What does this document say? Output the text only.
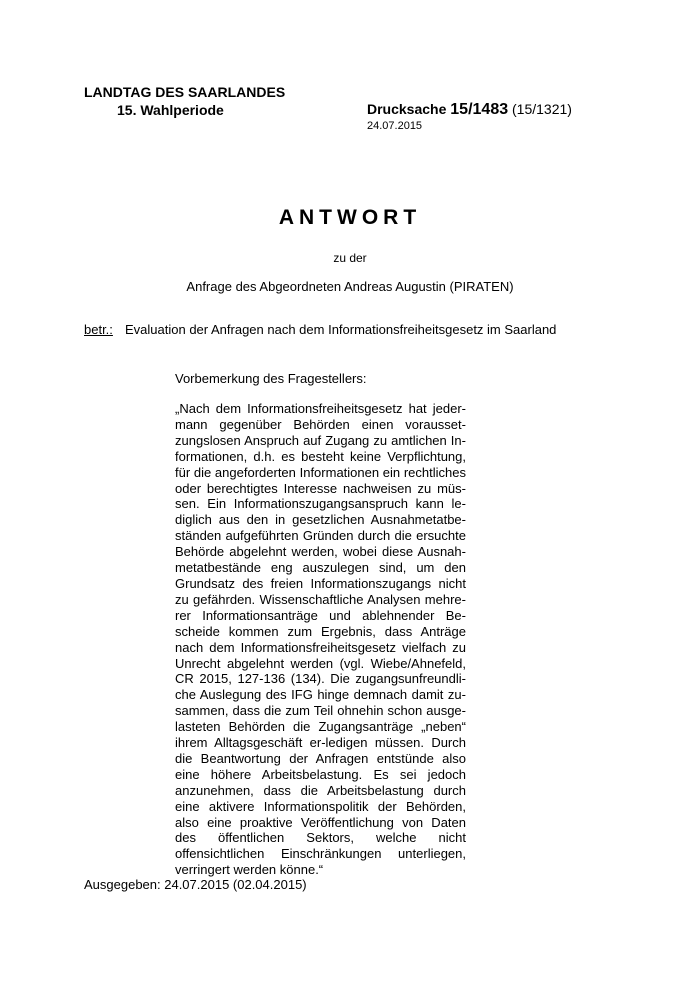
LANDTAG DES SAARLANDES
15. Wahlperiode	Drucksache 15/1483 (15/1321)
24.07.2015
ANTWORT
zu der
Anfrage des Abgeordneten Andreas Augustin (PIRATEN)
betr.: Evaluation der Anfragen nach dem Informationsfreiheitsgesetz im Saarland
Vorbemerkung des Fragestellers:
„Nach dem Informationsfreiheitsgesetz hat jedermann gegenüber Behörden einen voraussetzungslosen Anspruch auf Zugang zu amtlichen Informationen, d.h. es besteht keine Verpflichtung, für die angeforderten Informationen ein rechtliches oder berechtigtes Interesse nachweisen zu müssen. Ein Informationszugangsanspruch kann lediglich aus den in gesetzlichen Ausnahmetatbeständen aufgeführten Gründen durch die ersuchte Behörde abgelehnt werden, wobei diese Ausnahmetatbestände eng auszulegen sind, um den Grundsatz des freien Informationszugangs nicht zu gefährden. Wissenschaftliche Analysen mehrerer Informationsanträge und ablehnender Bescheide kommen zum Ergebnis, dass Anträge nach dem Informationsfreiheitsgesetz vielfach zu Unrecht abgelehnt werden (vgl. Wiebe/Ahnefeld, CR 2015, 127-136 (134). Die zugangsunfreundliche Auslegung des IFG hinge demnach damit zusammen, dass die zum Teil ohnehin schon ausgelasteten Behörden die Zugangsanträge „neben“ ihrem Alltagsgeschäft er-ledigen müssen. Durch die Beantwortung der Anfragen entstünde also eine höhere Arbeitsbelastung. Es sei jedoch anzunehmen, dass die Arbeitsbelastung durch eine aktivere Informationspolitik der Behörden, also eine proaktive Veröffentlichung von Daten des öffentlichen Sektors, welche nicht offensichtlichen Einschränkungen unterliegen, verringert werden könne.“
Ausgegeben: 24.07.2015 (02.04.2015)
